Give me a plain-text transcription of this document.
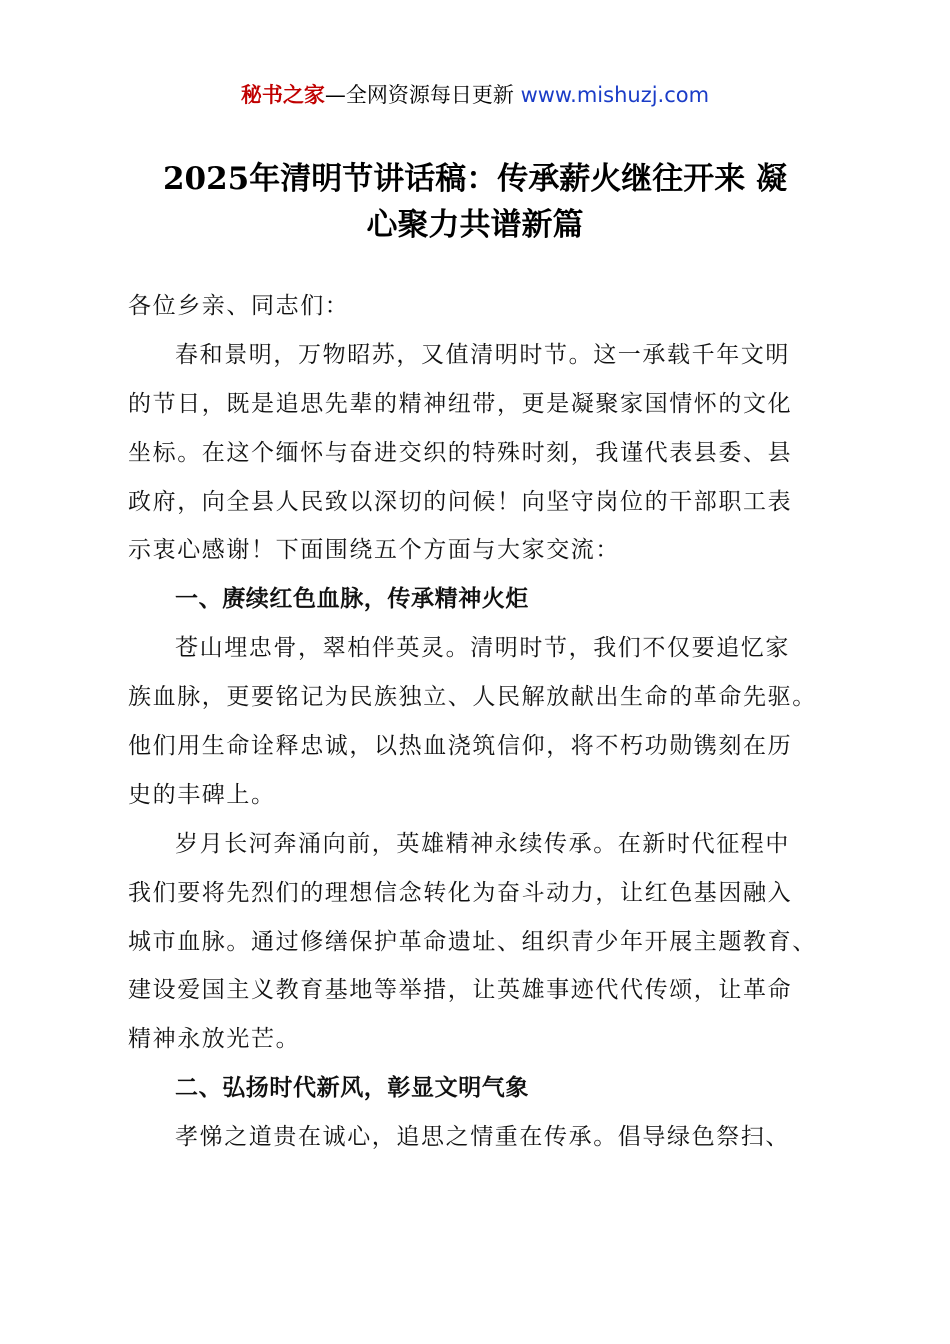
秘书之家—全网资源每日更新 www.mishuzj.com
2025年清明节讲话稿：传承薪火继往开来 凝
心聚力共谱新篇
各位乡亲、同志们：
春和景明，万物昭苏，又值清明时节。这一承载千年文明
的节日，既是追思先辈的精神纽带，更是凝聚家国情怀的文化
坐标。在这个缅怀与奋进交织的特殊时刻，我谨代表县委、县
政府，向全县人民致以深切的问候！向坚守岗位的干部职工表
示衷心感谢！下面围绕五个方面与大家交流：
一、赓续红色血脉，传承精神火炬
苍山埋忠骨，翠柏伴英灵。清明时节，我们不仅要追忆家
族血脉，更要铭记为民族独立、人民解放献出生命的革命先驱。
他们用生命诠释忠诚，以热血浇筑信仰，将不朽功勋镌刻在历
史的丰碑上。
岁月长河奔涌向前，英雄精神永续传承。在新时代征程中
我们要将先烈们的理想信念转化为奋斗动力，让红色基因融入
城市血脉。通过修缮保护革命遗址、组织青少年开展主题教育、
建设爱国主义教育基地等举措，让英雄事迹代代传颂，让革命
精神永放光芒。
二、弘扬时代新风，彰显文明气象
孝悌之道贵在诚心，追思之情重在传承。倡导绿色祭扫、
